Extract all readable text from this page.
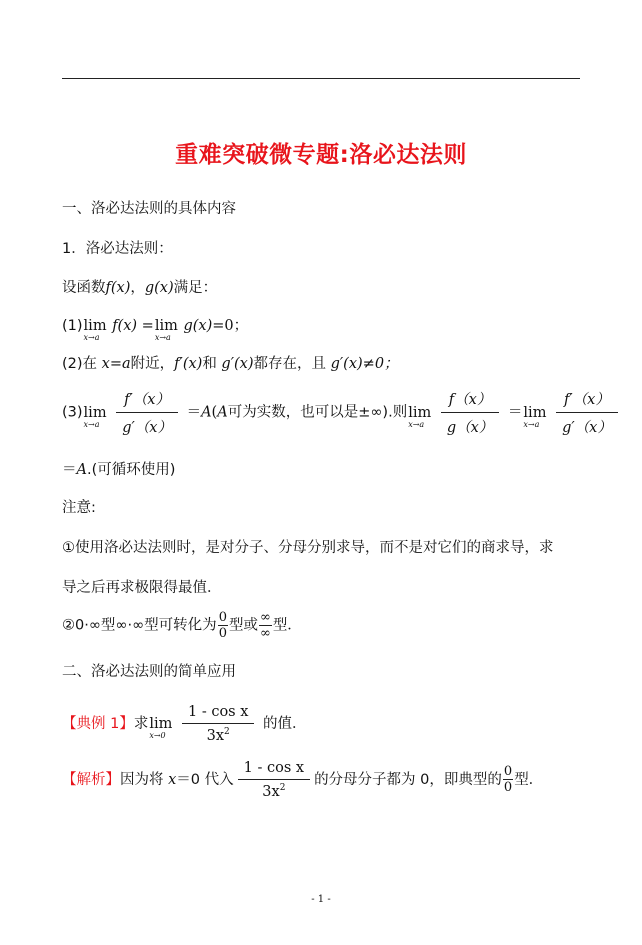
重难突破微专题:洛必达法则
一、洛必达法则的具体内容
1．洛必达法则：
设函数f(x)，g(x)满足：
(1)lim
x→a
f(x) =lim
x→a
g(x)=0；
(2)在 x=a附近，f′(x)和 g′(x)都存在，且 g′(x)≠0；
(3)lim
x→a
$\frac{f'(x)}{g'(x)} =A(A$可为实数，也可以是±∞).则lim
x→a
$\frac{f(x)}{g(x)} =\lim$
x→a
$\frac{f'(x)}{g'(x)}$
＝A.(可循环使用)
注意:
①使用洛必达法则时，是对分子、分母分别求导，而不是对它们的商求导，求
导之后再求极限得最值．
②0·∞型∞·∞型可转化为 $\frac{0}{0}$ 型或 $\frac{\infty}{\infty}$ 型．
二、洛必达法则的简单应用
【典例 1】求lim
x→0
$\frac{\text{1 - cos x}}{3x^2}$ 的值．
【解析】因为将 x＝0 代入 $\frac{\text{1 - cos x}}{3x^2}$ 的分母分子都为 0，即典型的 $\frac{0}{0}$ 型．
- 1 -
